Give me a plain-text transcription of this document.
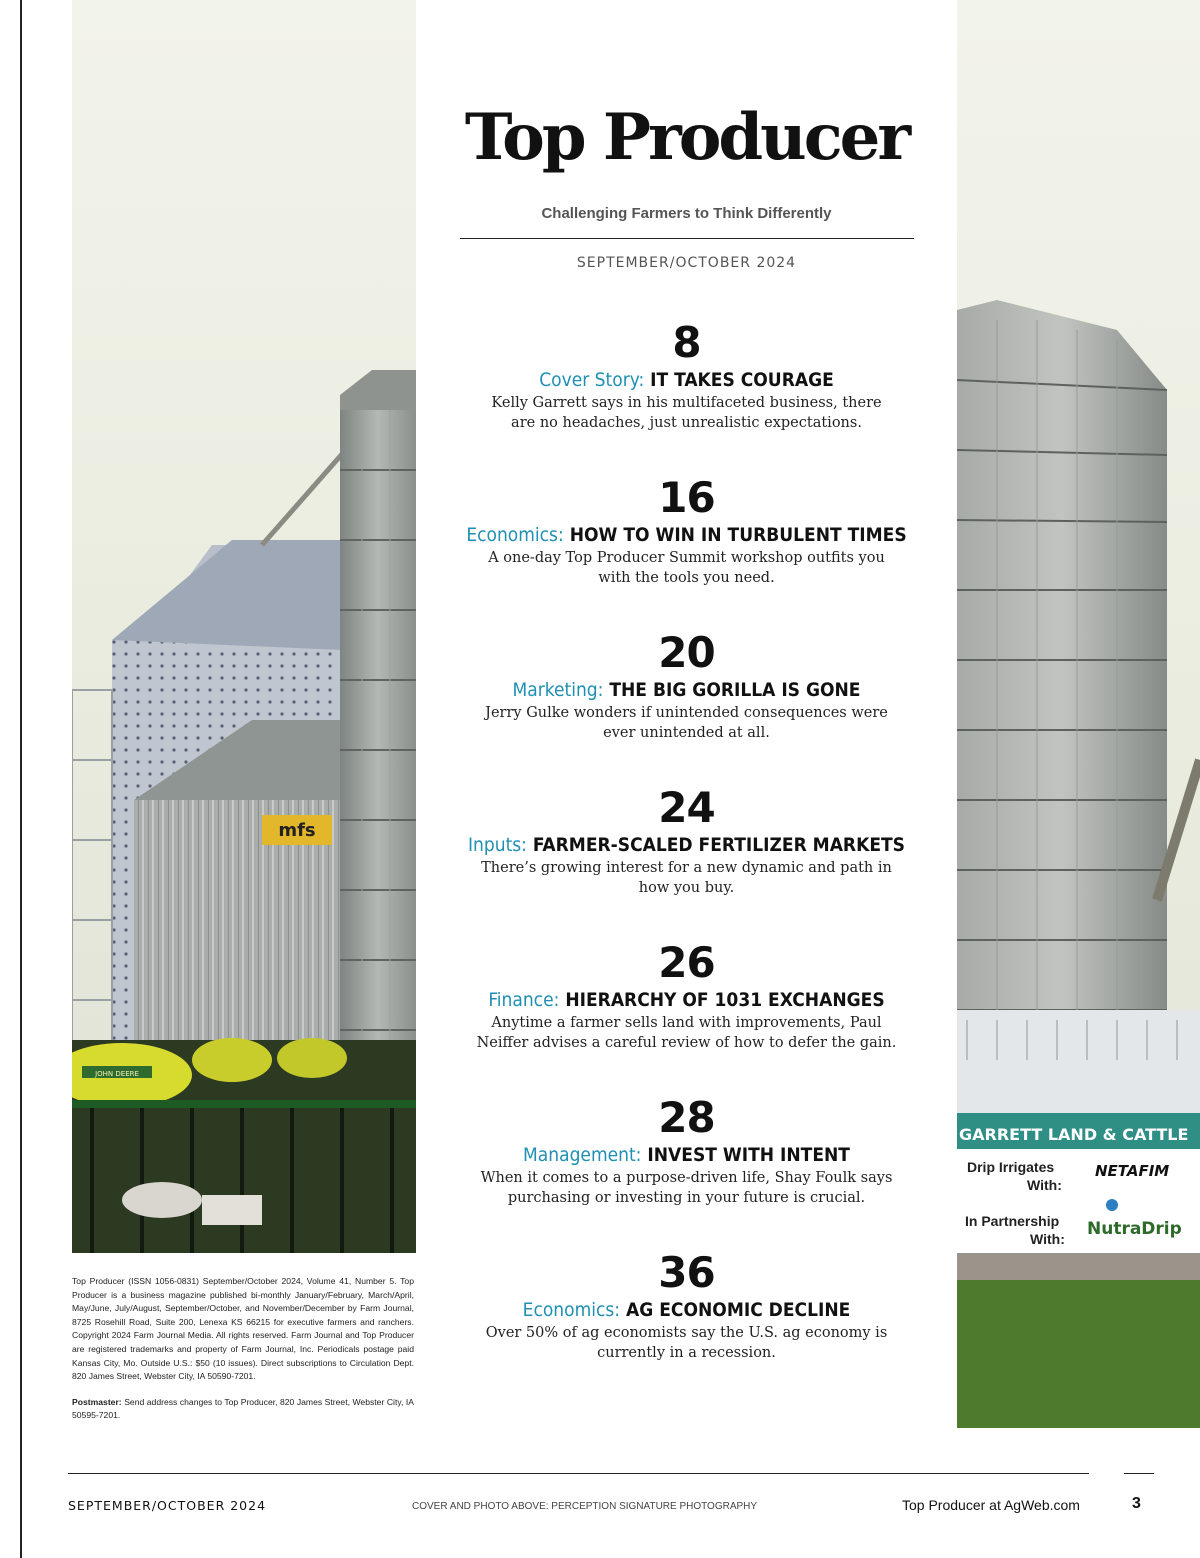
mfs
JOHN DEERE
GARRETT LAND & CATTLE
Drip Irrigates
With:
NETAFIM
In Partnership
With: NutraDrip
Top Producer
Challenging Farmers to Think Differently
SEPTEMBER/OCTOBER 2024
8
Cover Story: IT TAKES COURAGE
Kelly Garrett says in his multifaceted business, there are no headaches, just unrealistic expectations.
16
Economics: HOW TO WIN IN TURBULENT TIMES
A one-day Top Producer Summit workshop outfits you with the tools you need.
20
Marketing: THE BIG GORILLA IS GONE
Jerry Gulke wonders if unintended consequences were ever unintended at all.
24
Inputs: FARMER-SCALED FERTILIZER MARKETS
There’s growing interest for a new dynamic and path in how you buy.
26
Finance: HIERARCHY OF 1031 EXCHANGES
Anytime a farmer sells land with improvements, Paul Neiffer advises a careful review of how to defer the gain.
28
Management: INVEST WITH INTENT
When it comes to a purpose-driven life, Shay Foulk says purchasing or investing in your future is crucial.
36
Economics: AG ECONOMIC DECLINE
Over 50% of ag economists say the U.S. ag economy is currently in a recession.

Top Producer (ISSN 1056-0831) September/October 2024, Volume 41, Number 5. Top Producer is a business magazine published bi-monthly January/February, March/April, May/June, July/August, September/October, and November/December by Farm Journal, 8725 Rosehill Road, Suite 200, Lenexa KS 66215 for executive farmers and ranchers. Copyright 2024 Farm Journal Media. All rights reserved. Farm Journal and Top Producer are registered trademarks and property of Farm Journal, Inc. Periodicals postage paid Kansas City, Mo. Outside U.S.: $50 (10 issues). Direct subscriptions to Circulation Dept. 820 James Street, Webster City, IA 50590-7201.

Postmaster: Send address changes to Top Producer, 820 James Street, Webster City, IA 50595-7201.

SEPTEMBER/OCTOBER 2024	COVER AND PHOTO ABOVE: PERCEPTION SIGNATURE PHOTOGRAPHY	Top Producer at AgWeb.com	3
